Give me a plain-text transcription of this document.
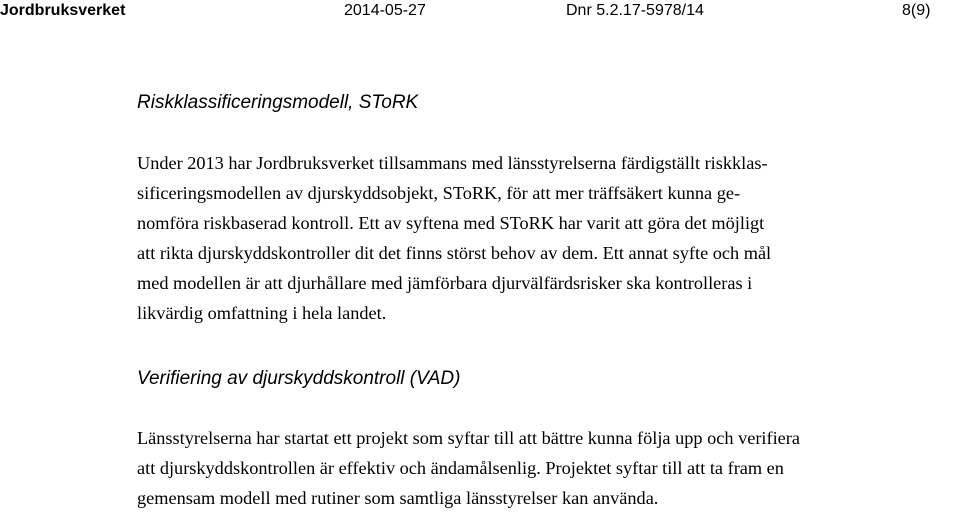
Jordbruksverket	2014-05-27	Dnr 5.2.17-5978/14	8(9)
Riskklassificeringsmodell, SToRK
Under 2013 har Jordbruksverket tillsammans med länsstyrelserna färdigställt riskklas-
sificeringsmodellen av djurskyddsobjekt, SToRK, för att mer träffsäkert kunna ge-
nomföra riskbaserad kontroll. Ett av syftena med SToRK har varit att göra det möjligt
att rikta djurskyddskontroller dit det finns störst behov av dem. Ett annat syfte och mål
med modellen är att djurhållare med jämförbara djurvälfärdsrisker ska kontrolleras i
likvärdig omfattning i hela landet.
Verifiering av djurskyddskontroll (VAD)
Länsstyrelserna har startat ett projekt som syftar till att bättre kunna följa upp och verifiera
att djurskyddskontrollen är effektiv och ändamålsenlig. Projektet syftar till att ta fram en
gemensam modell med rutiner som samtliga länsstyrelser kan använda.
